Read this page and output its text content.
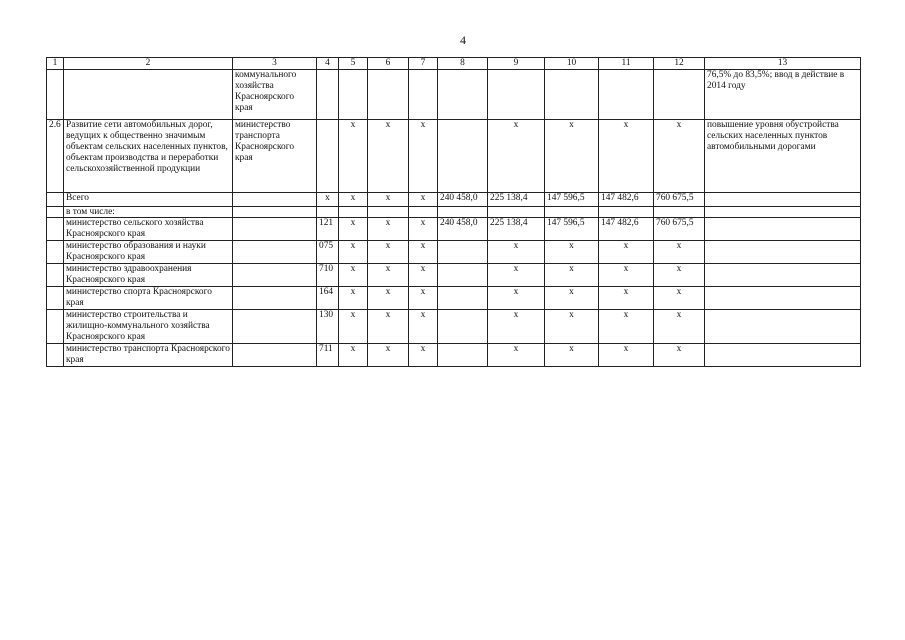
4
1	2	3	4	5	6	7	8	9	10	11	12	13
		коммунального хозяйства Красноярского края										76,5% до 83,5%; ввод в действие в 2014 году
2.6	Развитие сети автомобильных дорог, ведущих к общественно значимым объектам сельских населенных пунктов, объектам производства и переработки сельскохозяйственной продукции	министерство транспорта Красноярского края		х	х	х		х	х	х	х	повышение уровня обустройства сельских населенных пунктов автомобильными дорогами
	Всего		х	х	х	х	240 458,0	225 138,4	147 596,5	147 482,6	760 675,5	
	в том числе:											
	министерство сельского хозяйства Красноярского края		121	х	х	х	240 458,0	225 138,4	147 596,5	147 482,6	760 675,5	
	министерство образования и науки Красноярского края		075	х	х	х		х	х	х	х	
	министерство здравоохранения Красноярского края		710	х	х	х		х	х	х	х	
	министерство спорта Красноярского края		164	х	х	х		х	х	х	х	
	министерство строительства и жилищно-коммунального хозяйства Красноярского края		130	х	х	х		х	х	х	х	
	министерство транспорта Красноярского края		711	х	х	х		х	х	х	х	
